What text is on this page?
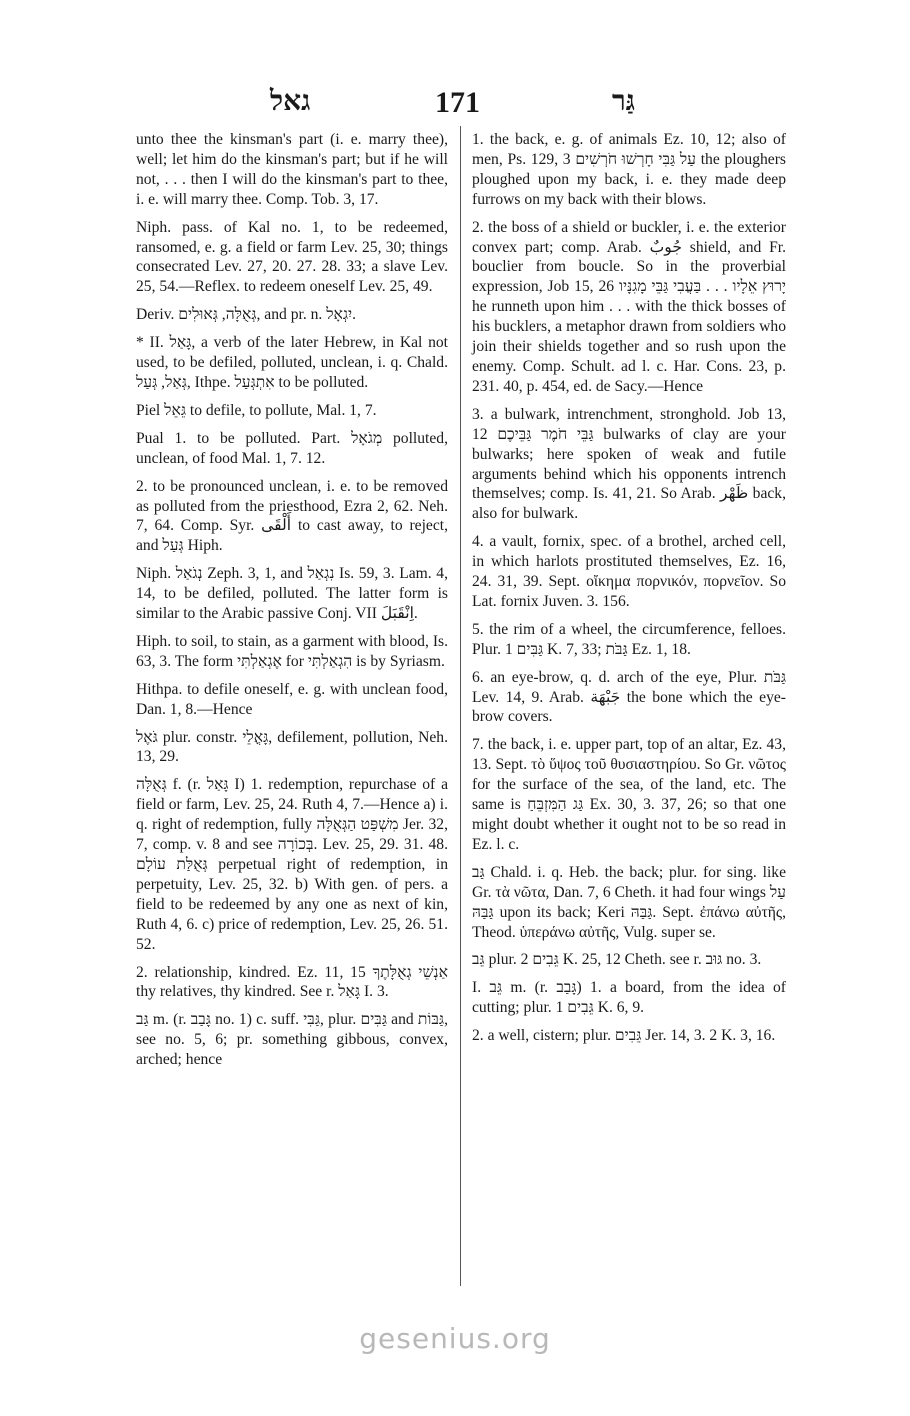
גאל	171	גַּר

unto thee the kinsman's part (i. e. marry thee), well; let him do the kinsman's part; but if he will not, . . . then I will do the kinsman's part to thee, i. e. will marry thee. Comp. Tob. 3, 17.

Niph. pass. of Kal no. 1, to be redeemed, ransomed, e. g. a field or farm Lev. 25, 30; things consecrated Lev. 27, 20. 27. 28. 33; a slave Lev. 25, 54.—Reflex. to redeem oneself Lev. 25, 49.

Deriv. גְּאֻלָּה, גְּאוּלִים, and pr. n. יִגְאָל.

* II. גָּאַל, a verb of the later Hebrew, in Kal not used, to be defiled, polluted, unclean, i. q. Chald. גְּאַל, גְּעַל, Ithpe. אִתְגְּעַל to be polluted.

Piel גֵּאֵל to defile, to pollute, Mal. 1, 7.

Pual 1. to be polluted. Part. מְגֹאָל polluted, unclean, of food Mal. 1, 7. 12.

2. to be pronounced unclean, i. e. to be removed as polluted from the priesthood, Ezra 2, 62. Neh. 7, 64. Comp. Syr. أَلْقَى to cast away, to reject, and גְּעַל Hiph.

Niph. נְגֹאַל Zeph. 3, 1, and נִגְאַל Is. 59, 3. Lam. 4, 14, to be defiled, polluted. The latter form is similar to the Arabic passive Conj. VII اِنْقَبَلَ.

Hiph. to soil, to stain, as a garment with blood, Is. 63, 3. The form אֶגְאַלְתִּי for הִגְאַלְתִּי is by Syriasm.

Hithpa. to defile oneself, e. g. with unclean food, Dan. 1, 8.—Hence

גֹּאֶל plur. constr. גָּאֳלֵי, defilement, pollution, Neh. 13, 29.

גְּאֻלָּה f. (r. גָּאַל I) 1. redemption, repurchase of a field or farm, Lev. 25, 24. Ruth 4, 7.—Hence a) i. q. right of redemption, fully מִשְׁפַּט הַגְּאֻלָּה Jer. 32, 7, comp. v. 8 and see בְּכוֹרָה. Lev. 25, 29. 31. 48. גְּאֻלַּת עוֹלָם perpetual right of redemption, in perpetuity, Lev. 25, 32. b) With gen. of pers. a field to be redeemed by any one as next of kin, Ruth 4, 6. c) price of redemption, Lev. 25, 26. 51. 52.

2. relationship, kindred. Ez. 11, 15 אַנְשֵׁי גְאֻלָּתֶךָ thy relatives, thy kindred. See r. גָּאַל I. 3.

גַּב m. (r. גָּבַב no. 1) c. suff. גַּבִּי, plur. גַּבִּים and גַּבּוֹת, see no. 5, 6; pr. something gibbous, convex, arched; hence

1. the back, e. g. of animals Ez. 10, 12; also of men, Ps. 129, 3 עַל גַּבִּי חָרְשׁוּ חֹרְשִׁים the ploughers ploughed upon my back, i. e. they made deep furrows on my back with their blows.

2. the boss of a shield or buckler, i. e. the exterior convex part; comp. Arab. جُوبٌ shield, and Fr. bouclier from boucle. So in the proverbial expression, Job 15, 26 יָרוּץ אֵלָיו . . . בַּעֲבִי גַּבֵּי מָגִנָּיו he runneth upon him . . . with the thick bosses of his bucklers, a metaphor drawn from soldiers who join their shields together and so rush upon the enemy. Comp. Schult. ad l. c. Har. Cons. 23, p. 231. 40, p. 454, ed. de Sacy.—Hence

3. a bulwark, intrenchment, stronghold. Job 13, 12 גַּבֵּי חֹמֶר גַּבֵּיכֶם bulwarks of clay are your bulwarks; here spoken of weak and futile arguments behind which his opponents intrench themselves; comp. Is. 41, 21. So Arab. ظَهْر back, also for bulwark.

4. a vault, fornix, spec. of a brothel, arched cell, in which harlots prostituted themselves, Ez. 16, 24. 31, 39. Sept. οἴκημα πορνικόν, πορνεῖον. So Lat. fornix Juven. 3. 156.

5. the rim of a wheel, the circumference, felloes. Plur. גַּבִּים 1 K. 7, 33; גַּבֹּת Ez. 1, 18.

6. an eye-brow, q. d. arch of the eye, Plur. גַּבֹּת Lev. 14, 9. Arab. جَبْهَة the bone which the eye-brow covers.

7. the back, i. e. upper part, top of an altar, Ez. 43, 13. Sept. τὸ ὕψος τοῦ θυσιαστηρίου. So Gr. νῶτος for the surface of the sea, of the land, etc. The same is גַּג הַמִּזְבֵּחַ Ex. 30, 3. 37, 26; so that one might doubt whether it ought not to be so read in Ez. l. c.

גַּב Chald. i. q. Heb. the back; plur. for sing. like Gr. τὰ νῶτα, Dan. 7, 6 Cheth. it had four wings עַל גַּבַּהּ upon its back; Keri גַּבַּהּ. Sept. ἐπάνω αὐτῆς, Theod. ὑπεράνω αὐτῆς, Vulg. super se.

גֵּב plur. גֵּבִים 2 K. 25, 12 Cheth. see r. גּוּב no. 3.

I. גֵּב m. (r. גָּבַב) 1. a board, from the idea of cutting; plur. גֵּבִים 1 K. 6, 9.

2. a well, cistern; plur. גֵּבִים Jer. 14, 3. 2 K. 3, 16.

gesenius.org
